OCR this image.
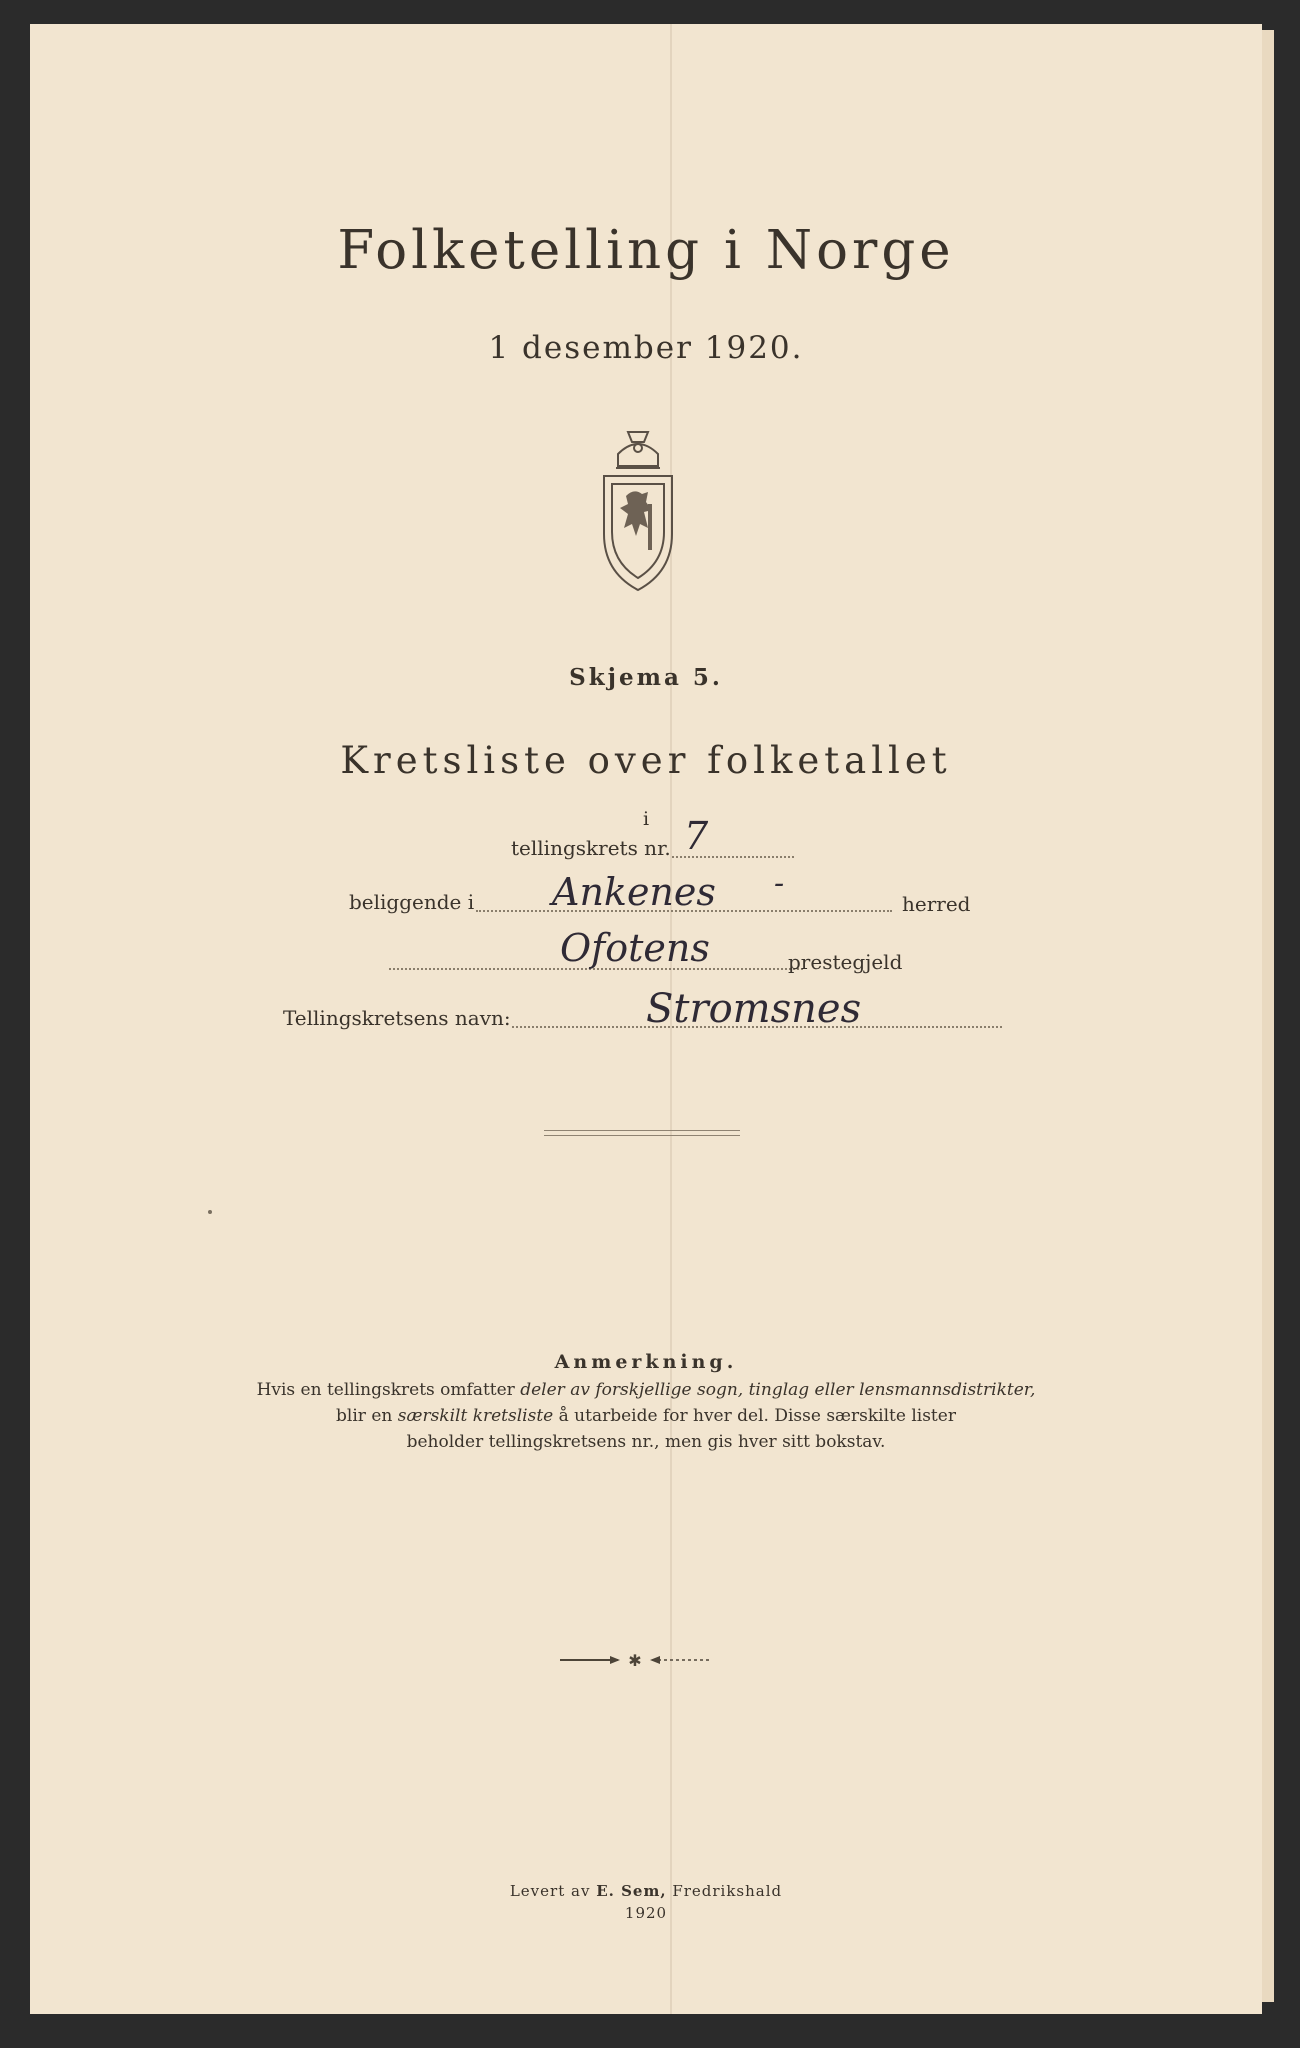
Folketelling i Norge
1 desember 1920.
Skjema 5.
Kretsliste over folketallet
i
tellingskrets nr. 7
beliggende i Ankenes -
herred
Ofotens	prestegjeld
Tellingskretsens navn:	Stromsnes
Anmerkning.
Hvis en tellingskrets omfatter deler av forskjellige sogn, tinglag eller lensmannsdistrikter,
blir en særskilt kretsliste å utarbeide for hver del. Disse særskilte lister
beholder tellingskretsens nr., men gis hver sitt bokstav.
✱
Levert av E. Sem, Fredrikshald
1920
